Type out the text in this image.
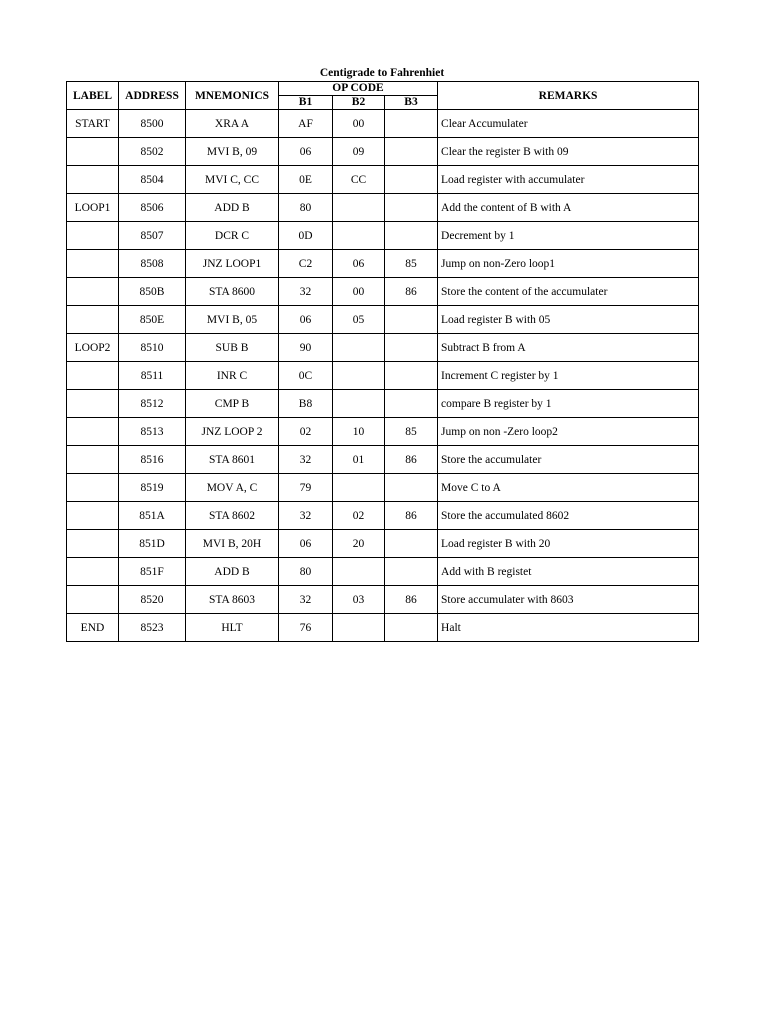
Centigrade to Fahrenhiet
LABEL	ADDRESS	MNEMONICS	OP CODE			REMARKS
			B1	B2	B3	
START	8500	XRA A	AF	00		Clear Accumulater
	8502	MVI B, 09	06	09		Clear the register B with 09
	8504	MVI C, CC	0E	CC		Load register with accumulater
LOOP1	8506	ADD B	80			Add the content of B with A
	8507	DCR C	0D			Decrement by 1
	8508	JNZ LOOP1	C2	06	85	Jump on non-Zero loop1
	850B	STA 8600	32	00	86	Store the content of the accumulater
	850E	MVI B, 05	06	05		Load register B with 05
LOOP2	8510	SUB B	90			Subtract B from A
	8511	INR C	0C			Increment C register by 1
	8512	CMP B	B8			compare B register by 1
	8513	JNZ LOOP 2	02	10	85	Jump on non -Zero loop2
	8516	STA 8601	32	01	86	Store the accumulater
	8519	MOV A, C	79			Move C to A
	851A	STA 8602	32	02	86	Store the accumulated 8602
	851D	MVI B, 20H	06	20		Load register B with 20
	851F	ADD B	80			Add with B registet
	8520	STA 8603	32	03	86	Store accumulater with 8603
END	8523	HLT	76			Halt
